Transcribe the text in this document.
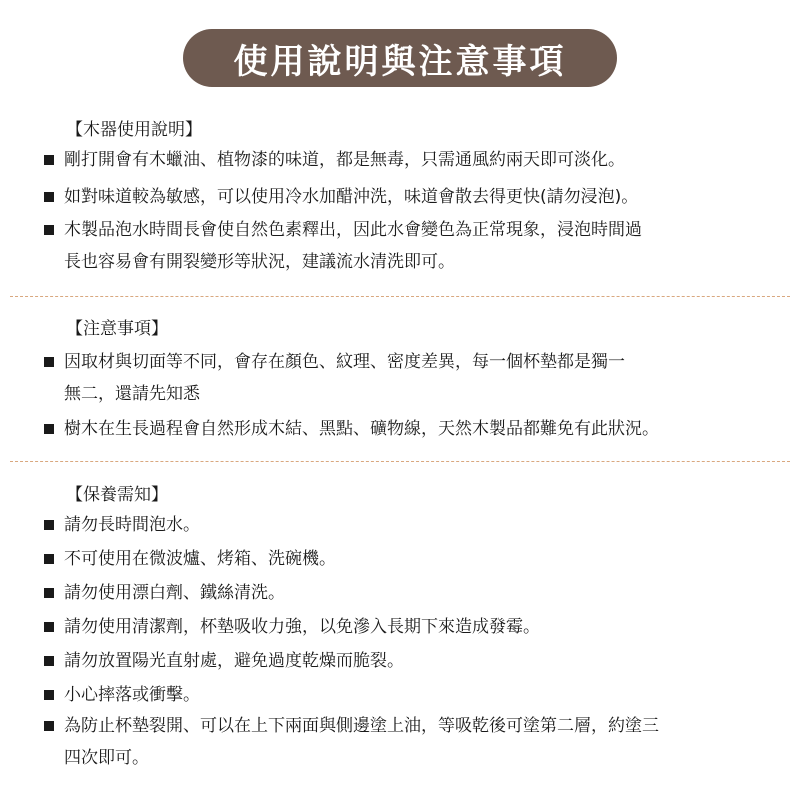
使用說明與注意事項
【木器使用說明】
剛打開會有木蠟油、植物漆的味道，都是無毒，只需通風約兩天即可淡化。
如對味道較為敏感，可以使用冷水加醋沖洗，味道會散去得更快(請勿浸泡)。
木製品泡水時間長會使自然色素釋出，因此水會變色為正常現象，浸泡時間過
長也容易會有開裂變形等狀況，建議流水清洗即可。
【注意事項】
因取材與切面等不同，會存在顏色、紋理、密度差異，每一個杯墊都是獨一
無二，還請先知悉
樹木在生長過程會自然形成木結、黑點、礦物線，天然木製品都難免有此狀況。
【保養需知】
請勿長時間泡水。
不可使用在微波爐、烤箱、洗碗機。
請勿使用漂白劑、鐵絲清洗。
請勿使用清潔劑，杯墊吸收力強，以免滲入長期下來造成發霉。
請勿放置陽光直射處，避免過度乾燥而脆裂。
小心摔落或衝擊。
為防止杯墊裂開、可以在上下兩面與側邊塗上油，等吸乾後可塗第二層，約塗三
四次即可。
